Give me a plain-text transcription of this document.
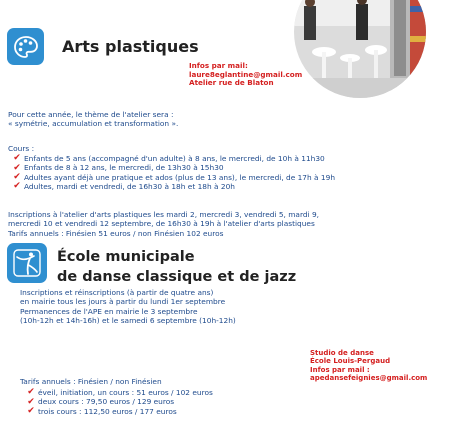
Arts plastiques
Infos par mail:
laure8eglantine@gmail.com
Atelier rue de Blaton
Pour cette année, le thème de l'atelier sera :
« symétrie, accumulation et transformation ».
Cours :
✔ Enfants de 5 ans (accompagné d'un adulte) à 8 ans, le mercredi, de 10h à 11h30
✔ Enfants de 8 à 12 ans, le mercredi, de 13h30 à 15h30
✔ Adultes ayant déjà une pratique et ados (plus de 13 ans), le mercredi, de 17h à 19h
✔ Adultes, mardi et vendredi, de 16h30 à 18h et 18h à 20h
Inscriptions à l'atelier d'arts plastiques les mardi 2, mercredi 3, vendredi 5, mardi 9,
mercredi 10 et vendredi 12 septembre, de 16h30 à 19h à l'atelier d'arts plastiques
Tarifs annuels : Finésien 51 euros / non Finésien 102 euros
École municipale
de danse classique et de jazz
Inscriptions et réinscriptions (à partir de quatre ans)
en mairie tous les jours à partir du lundi 1er septembre
Permanences de l'APE en mairie le 3 septembre
(10h-12h et 14h-16h) et le samedi 6 septembre (10h-12h)
Studio de danse
École Louis-Pergaud
Infos par mail :
apedansefeignies@gmail.com
Tarifs annuels : Finésien / non Finésien
✔ éveil, initiation, un cours : 51 euros / 102 euros
✔ deux cours : 79,50 euros / 129 euros
✔ trois cours : 112,50 euros / 177 euros
